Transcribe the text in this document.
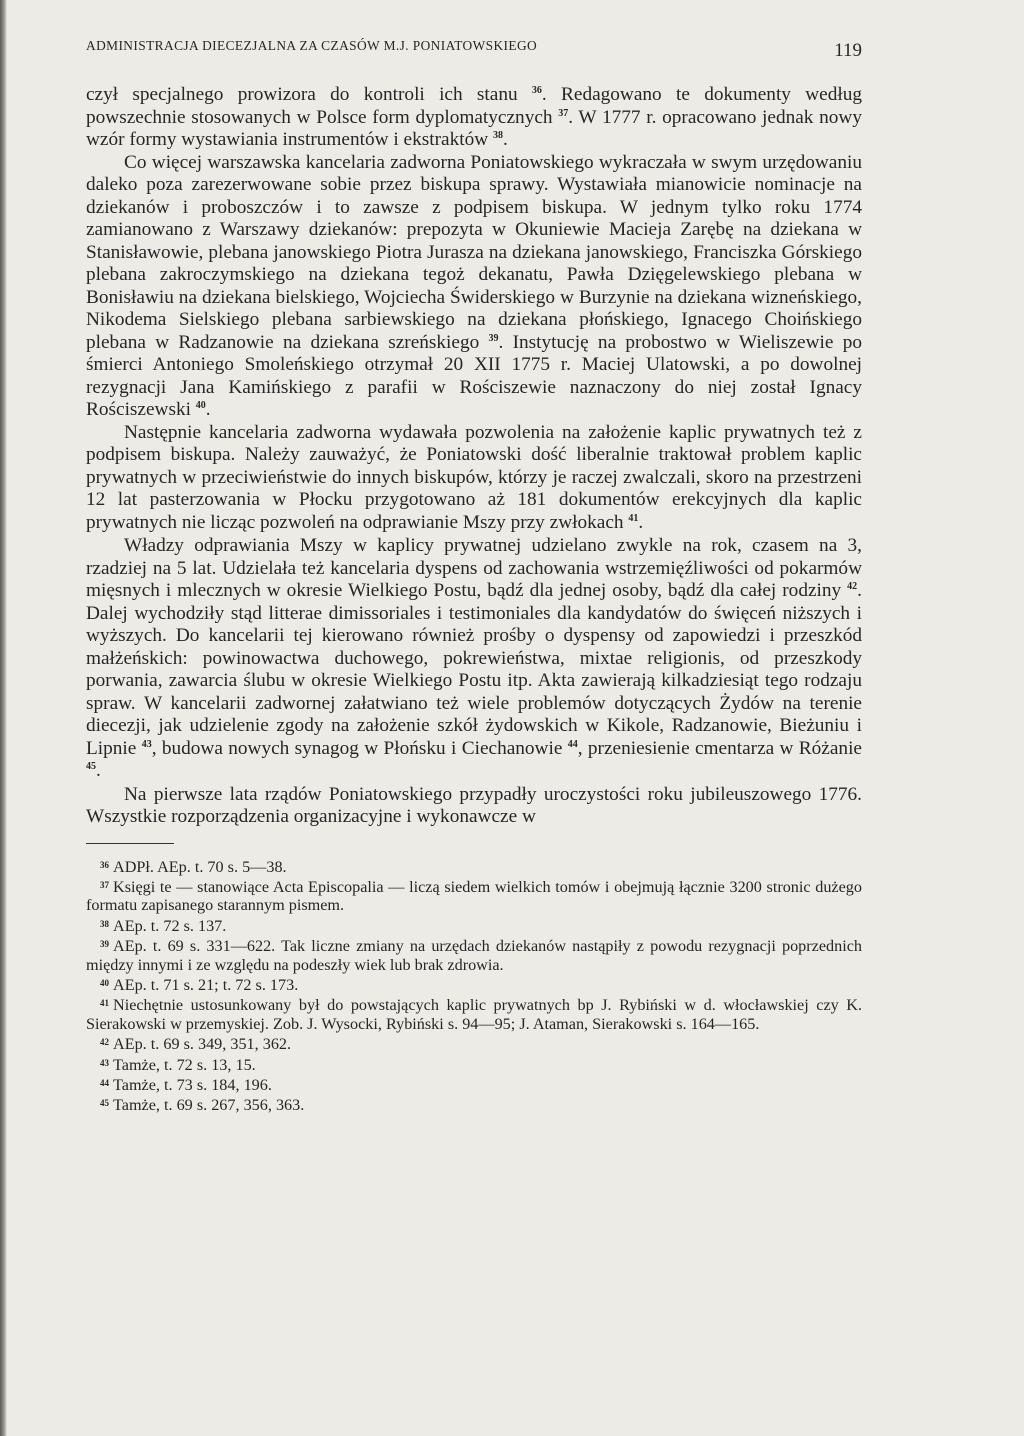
ADMINISTRACJA DIECEZJALNA ZA CZASÓW M.J. PONIATOWSKIEGO	119

czył specjalnego prowizora do kontroli ich stanu $^{36}$. Redagowano te dokumenty według powszechnie stosowanych w Polsce form dyplomatycznych $^{37}$. W 1777 r. opracowano jednak nowy wzór formy wystawiania instrumentów i ekstraktów $^{38}$.

Co więcej warszawska kancelaria zadworna Poniatowskiego wykraczała w swym urzędowaniu daleko poza zarezerwowane sobie przez biskupa sprawy. Wystawiała mianowicie nominacje na dziekanów i proboszczów i to zawsze z podpisem biskupa. W jednym tylko roku 1774 zamianowano z Warszawy dziekanów: prepozyta w Okuniewie Macieja Zarębę na dziekana w Stanisławowie, plebana janowskiego Piotra Jurasza na dziekana janowskiego, Franciszka Górskiego plebana zakroczymskiego na dziekana tegoż dekanatu, Pawła Dzięgelewskiego plebana w Bonisławiu na dziekana bielskiego, Wojciecha Świderskiego w Burzynie na dziekana wizneńskiego, Nikodema Sielskiego plebana sarbiewskiego na dziekana płońskiego, Ignacego Choińskiego plebana w Radzanowie na dziekana szreńskiego $^{39}$. Instytucję na probostwo w Wieliszewie po śmierci Antoniego Smoleńskiego otrzymał 20 XII 1775 r. Maciej Ulatowski, a po dowolnej rezygnacji Jana Kamińskiego z parafii w Rościszewie naznaczony do niej został Ignacy Rościszewski $^{40}$.

Następnie kancelaria zadworna wydawała pozwolenia na założenie kaplic prywatnych też z podpisem biskupa. Należy zauważyć, że Poniatowski dość liberalnie traktował problem kaplic prywatnych w przeciwieństwie do innych biskupów, którzy je raczej zwalczali, skoro na przestrzeni 12 lat pasterzowania w Płocku przygotowano aż 181 dokumentów erekcyjnych dla kaplic prywatnych nie licząc pozwoleń na odprawianie Mszy przy zwłokach $^{41}$.

Władzy odprawiania Mszy w kaplicy prywatnej udzielano zwykle na rok, czasem na 3, rzadziej na 5 lat. Udzielała też kancelaria dyspens od zachowania wstrzemięźliwości od pokarmów mięsnych i mlecznych w okresie Wielkiego Postu, bądź dla jednej osoby, bądź dla całej rodziny $^{42}$. Dalej wychodziły stąd litterae dimissoriales i testimoniales dla kandydatów do święceń niższych i wyższych. Do kancelarii tej kierowano również prośby o dyspensy od zapowiedzi i przeszkód małżeńskich: powinowactwa duchowego, pokrewieństwa, mixtae religionis, od przeszkody porwania, zawarcia ślubu w okresie Wielkiego Postu itp. Akta zawierają kilkadziesiąt tego rodzaju spraw. W kancelarii zadwornej załatwiano też wiele problemów dotyczących Żydów na terenie diecezji, jak udzielenie zgody na założenie szkół żydowskich w Kikole, Radzanowie, Bieżuniu i Lipnie $^{43}$, budowa nowych synagog w Płońsku i Ciechanowie $^{44}$, przeniesienie cmentarza w Różanie $^{45}$.

Na pierwsze lata rządów Poniatowskiego przypadły uroczystości roku jubileuszowego 1776. Wszystkie rozporządzenia organizacyjne i wykonawcze w

$^{36}$ ADPł. AEp. t. 70 s. 5—38.

$^{37}$ Księgi te — stanowiące Acta Episcopalia — liczą siedem wielkich tomów i obejmują łącznie 3200 stronic dużego formatu zapisanego starannym pismem.

$^{38}$ AEp. t. 72 s. 137.

$^{39}$ AEp. t. 69 s. 331—622. Tak liczne zmiany na urzędach dziekanów nastąpiły z powodu rezygnacji poprzednich między innymi i ze względu na podeszły wiek lub brak zdrowia.

$^{40}$ AEp. t. 71 s. 21; t. 72 s. 173.

$^{41}$ Niechętnie ustosunkowany był do powstających kaplic prywatnych bp J. Rybiński w d. włocławskiej czy K. Sierakowski w przemyskiej. Zob. J. Wysocki, Rybiński s. 94—95; J. Ataman, Sierakowski s. 164—165.

$^{42}$ AEp. t. 69 s. 349, 351, 362.

$^{43}$ Tamże, t. 72 s. 13, 15.

$^{44}$ Tamże, t. 73 s. 184, 196.

$^{45}$ Tamże, t. 69 s. 267, 356, 363.
